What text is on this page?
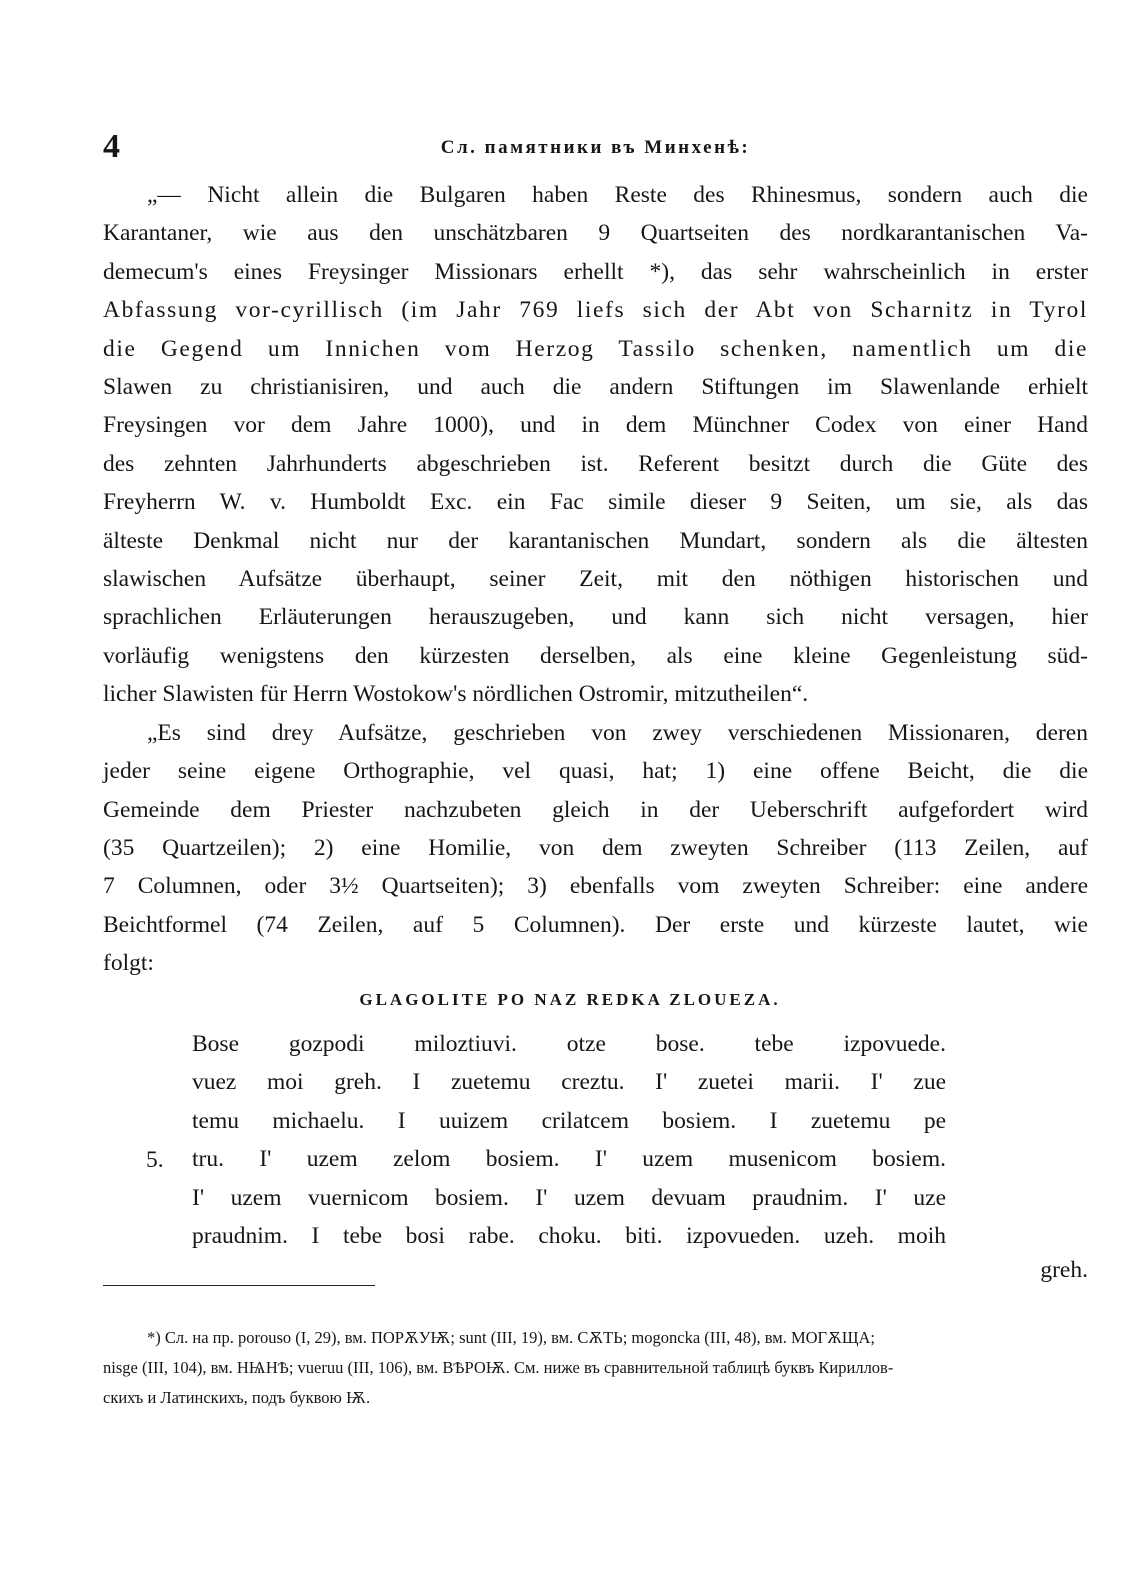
4	Сл. памятники въ Минхенѣ:

„— Nicht allein die Bulgaren haben Reste des Rhinesmus, sondern auch die

Karantaner, wie aus den unschätzbaren 9 Quartseiten des nordkarantanischen Va-

demecum's eines Freysinger Missionars erhellt *), das sehr wahrscheinlich in erster

Abfassung vor-cyrillisch (im Jahr 769 liefs sich der Abt von Scharnitz in Tyrol

die Gegend um Innichen vom Herzog Tassilo schenken, namentlich um die

Slawen zu christianisiren, und auch die andern Stiftungen im Slawenlande erhielt

Freysingen vor dem Jahre 1000), und in dem Münchner Codex von einer Hand

des zehnten Jahrhunderts abgeschrieben ist. Referent besitzt durch die Güte des

Freyherrn W. v. Humboldt Exc. ein Fac simile dieser 9 Seiten, um sie, als das

älteste Denkmal nicht nur der karantanischen Mundart, sondern als die ältesten

slawischen Aufsätze überhaupt, seiner Zeit, mit den nöthigen historischen und

sprachlichen Erläuterungen herauszugeben, und kann sich nicht versagen, hier

vorläufig wenigstens den kürzesten derselben, als eine kleine Gegenleistung süd-

licher Slawisten für Herrn Wostokow's nördlichen Ostromir, mitzutheilen“.

„Es sind drey Aufsätze, geschrieben von zwey verschiedenen Missionaren, deren

jeder seine eigene Orthographie, vel quasi, hat; 1) eine offene Beicht, die die

Gemeinde dem Priester nachzubeten gleich in der Ueberschrift aufgefordert wird

(35 Quartzeilen); 2) eine Homilie, von dem zweyten Schreiber (113 Zeilen, auf

7 Columnen, oder 3½ Quartseiten); 3) ebenfalls vom zweyten Schreiber: eine andere

Beichtformel (74 Zeilen, auf 5 Columnen). Der erste und kürzeste lautet, wie

folgt:

GLAGOLITE PO NAZ REDKA ZLOUEZA.

Bose gozpodi miloztiuvi. otze bose. tebe izpovuede.

vuez moi greh. I zuetemu creztu. I' zuetei marii. I' zue

temu michaelu. I uuizem crilatcem bosiem. I zuetemu pe

tru. I' uzem zelom bosiem. I' uzem musenicom bosiem.

I' uzem vuernicom bosiem. I' uzem devuam praudnim. I' uze

praudnim. I tebe bosi rabe. choku. biti. izpovueden. uzeh. moih

5.
greh.

*) Сл. на пр. porouso (I, 29), вм. ПОРѪУѬ; sunt (III, 19), вм. СѪТЬ; mogoncka (III, 48), вм. МОГѪЩА;

nisge (III, 104), вм. НѨНѢ; vueruu (III, 106), вм. ВѢРОѬ. См. ниже въ сравнительной таблицѣ буквъ Кириллов-

скихъ и Латинскихъ, подъ буквою Ѭ.
